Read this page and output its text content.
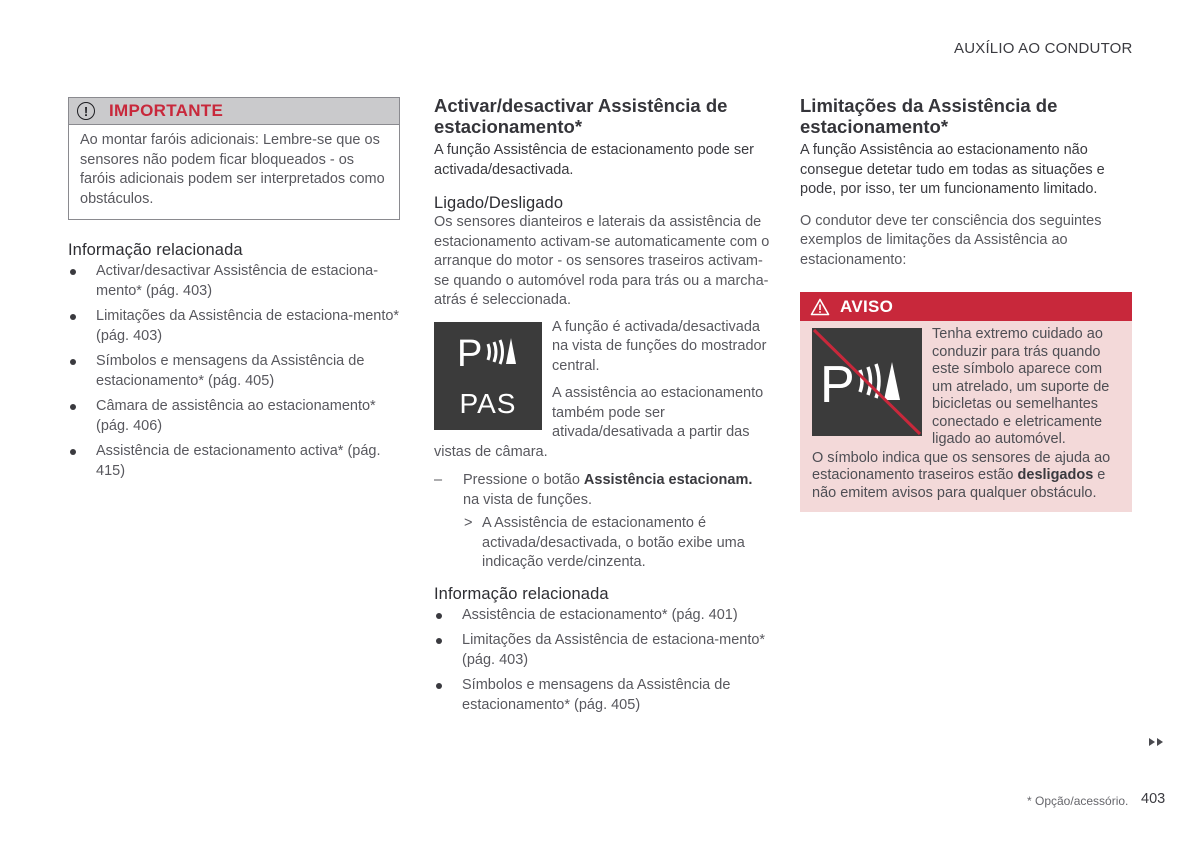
AUXÍLIO AO CONDUTOR
!	IMPORTANTE
Ao montar faróis adicionais: Lembre-se que os sensores não podem ficar bloqueados - os faróis adicionais podem ser interpretados como obstáculos.
Informação relacionada
Activar/desactivar Assistência de estaciona-mento* (pág. 403)
Limitações da Assistência de estaciona-mento* (pág. 403)
Símbolos e mensagens da Assistência de estacionamento* (pág. 405)
Câmara de assistência ao estacionamento* (pág. 406)
Assistência de estacionamento activa* (pág. 415)
Activar/desactivar Assistência de estacionamento*

A função Assistência de estacionamento pode ser activada/desactivada.

Ligado/Desligado

Os sensores dianteiros e laterais da assistência de estacionamento activam-se automaticamente com o arranque do motor - os sensores traseiros activam-se quando o automóvel roda para trás ou a marcha-atrás é seleccionada.

P
PAS

A função é activada/desactivada na vista de funções do mostrador central.

A assistência ao estacionamento também pode ser ativada/desativada a partir das vistas de câmara.

– Pressione o botão Assistência estacionam. na vista de funções.
> A Assistência de estacionamento é activada/desactivada, o botão exibe uma indicação verde/cinzenta.
Informação relacionada
Assistência de estacionamento* (pág. 401)
Limitações da Assistência de estaciona-mento* (pág. 403)
Símbolos e mensagens da Assistência de estacionamento* (pág. 405)
Limitações da Assistência de estacionamento*

A função Assistência ao estacionamento não consegue detetar tudo em todas as situações e pode, por isso, ter um funcionamento limitado.

O condutor deve ter consciência dos seguintes exemplos de limitações da Assistência ao estacionamento:

AVISO
P

Tenha extremo cuidado ao conduzir para trás quando este símbolo aparece com um atrelado, um suporte de bicicletas ou semelhantes conectado e eletricamente ligado ao automóvel.

O símbolo indica que os sensores de ajuda ao estacionamento traseiros estão desligados e não emitem avisos para qualquer obstáculo.

* Opção/acessório. 403
